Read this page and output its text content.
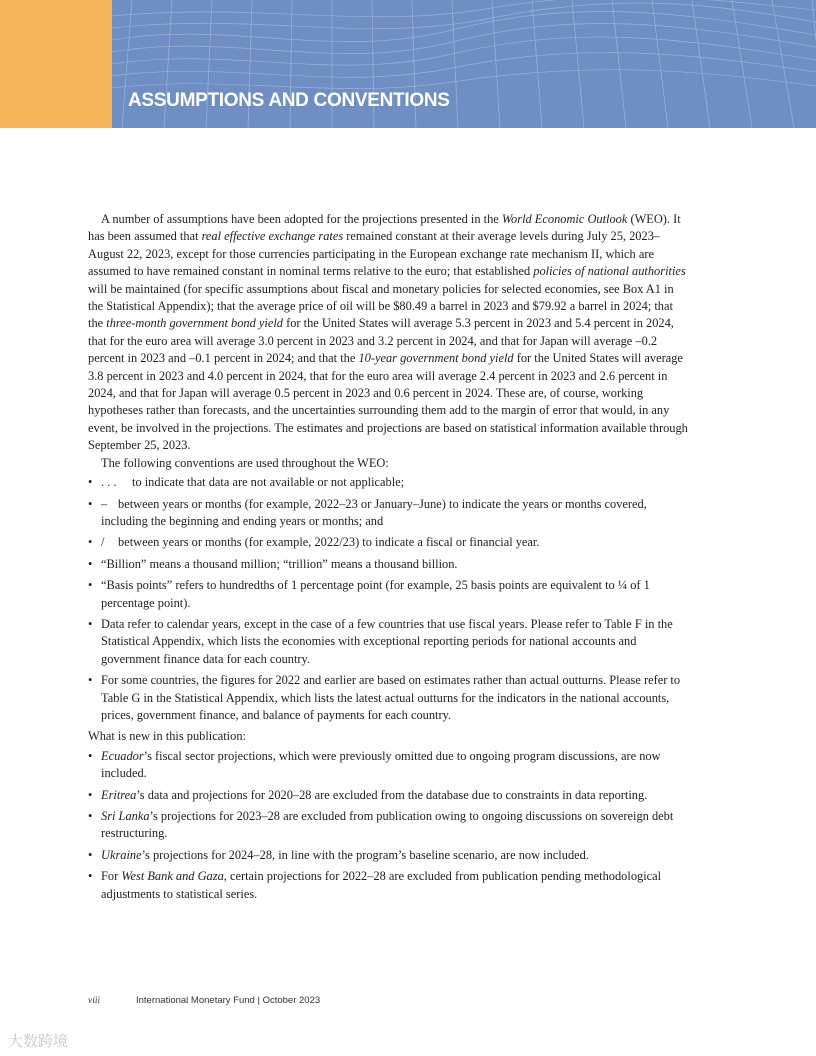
ASSUMPTIONS AND CONVENTIONS

A number of assumptions have been adopted for the projections presented in the World Economic Outlook (WEO). It has been assumed that real effective exchange rates remained constant at their average levels during July 25, 2023–August 22, 2023, except for those currencies participating in the European exchange rate mechanism II, which are assumed to have remained constant in nominal terms relative to the euro; that established policies of national authorities will be maintained (for specific assumptions about fiscal and monetary policies for selected economies, see Box A1 in the Statistical Appendix); that the average price of oil will be $80.49 a barrel in 2023 and $79.92 a barrel in 2024; that the three-month government bond yield for the United States will average 5.3 percent in 2023 and 5.4 percent in 2024, that for the euro area will average 3.0 percent in 2023 and 3.2 percent in 2024, and that for Japan will average –0.2 percent in 2023 and –0.1 percent in 2024; and that the 10-year government bond yield for the United States will average 3.8 percent in 2023 and 4.0 percent in 2024, that for the euro area will average 2.4 percent in 2023 and 2.6 percent in 2024, and that for Japan will average 0.5 percent in 2023 and 0.6 percent in 2024. These are, of course, working hypotheses rather than forecasts, and the uncertainties surrounding them add to the margin of error that would, in any event, be involved in the projections. The estimates and projections are based on statistical information available through September 25, 2023.

The following conventions are used throughout the WEO:

• . . . to indicate that data are not available or not applicable;
• – between years or months (for example, 2022–23 or January–June) to indicate the years or months covered, including the beginning and ending years or months; and
• / between years or months (for example, 2022/23) to indicate a fiscal or financial year.
• “Billion” means a thousand million; “trillion” means a thousand billion.
• “Basis points” refers to hundredths of 1 percentage point (for example, 25 basis points are equivalent to ¼ of 1 percentage point).
• Data refer to calendar years, except in the case of a few countries that use fiscal years. Please refer to Table F in the Statistical Appendix, which lists the economies with exceptional reporting periods for national accounts and government finance data for each country.
• For some countries, the figures for 2022 and earlier are based on estimates rather than actual outturns. Please refer to Table G in the Statistical Appendix, which lists the latest actual outturns for the indicators in the national accounts, prices, government finance, and balance of payments for each country.

What is new in this publication:

• Ecuador’s fiscal sector projections, which were previously omitted due to ongoing program discussions, are now included.
• Eritrea’s data and projections for 2020–28 are excluded from the database due to constraints in data reporting.
• Sri Lanka’s projections for 2023–28 are excluded from publication owing to ongoing discussions on sovereign debt restructuring.
• Ukraine’s projections for 2024–28, in line with the program’s baseline scenario, are now included.
• For West Bank and Gaza, certain projections for 2022–28 are excluded from publication pending methodological adjustments to statistical series.
viii	International Monetary Fund | October 2023
大数跨境
